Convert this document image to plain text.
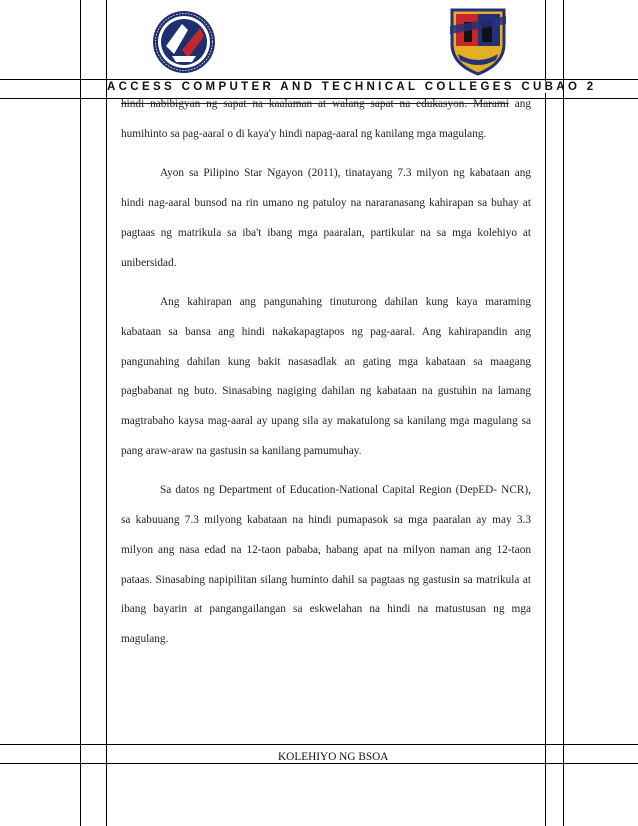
ACCESS COMPUTER AND TECHNICAL COLLEGES CUBAO 2

hindi nabibigyan ng sapat na kaalaman at walang sapat na edukasyon. Marami ang humihinto sa pag-aaral o di kaya'y hindi napag-aaral ng kanilang mga magulang.

Ayon sa Pilipino Star Ngayon (2011), tinatayang 7.3 milyon ng kabataan ang hindi nag-aaral bunsod na rin umano ng patuloy na nararanasang kahirapan sa buhay at pagtaas ng matrikula sa iba't ibang mga paaralan, partikular na sa mga kolehiyo at unibersidad.

Ang kahirapan ang pangunahing tinuturong dahilan kung kaya maraming kabataan sa bansa ang hindi nakakapagtapos ng pag-aaral. Ang kahirapandin ang pangunahing dahilan kung bakit nasasadlak an gating mga kabataan sa maagang pagbabanat ng buto. Sinasabing nagiging dahilan ng kabataan na gustuhin na lamang magtrabaho kaysa mag-aaral ay upang sila ay makatulong sa kanilang mga magulang sa pang araw-araw na gastusin sa kanilang pamumuhay.

Sa datos ng Department of Education-National Capital Region (DepED- NCR), sa kabuuang 7.3 milyong kabataan na hindi pumapasok sa mga paaralan ay may 3.3 milyon ang nasa edad na 12-taon pababa, habang apat na milyon naman ang 12-taon pataas. Sinasabing napipilitan silang huminto dahil sa pagtaas ng gastusin sa matrikula at ibang bayarin at pangangailangan sa eskwelahan na hindi na matustusan ng mga magulang.

KOLEHIYO NG BSOA
